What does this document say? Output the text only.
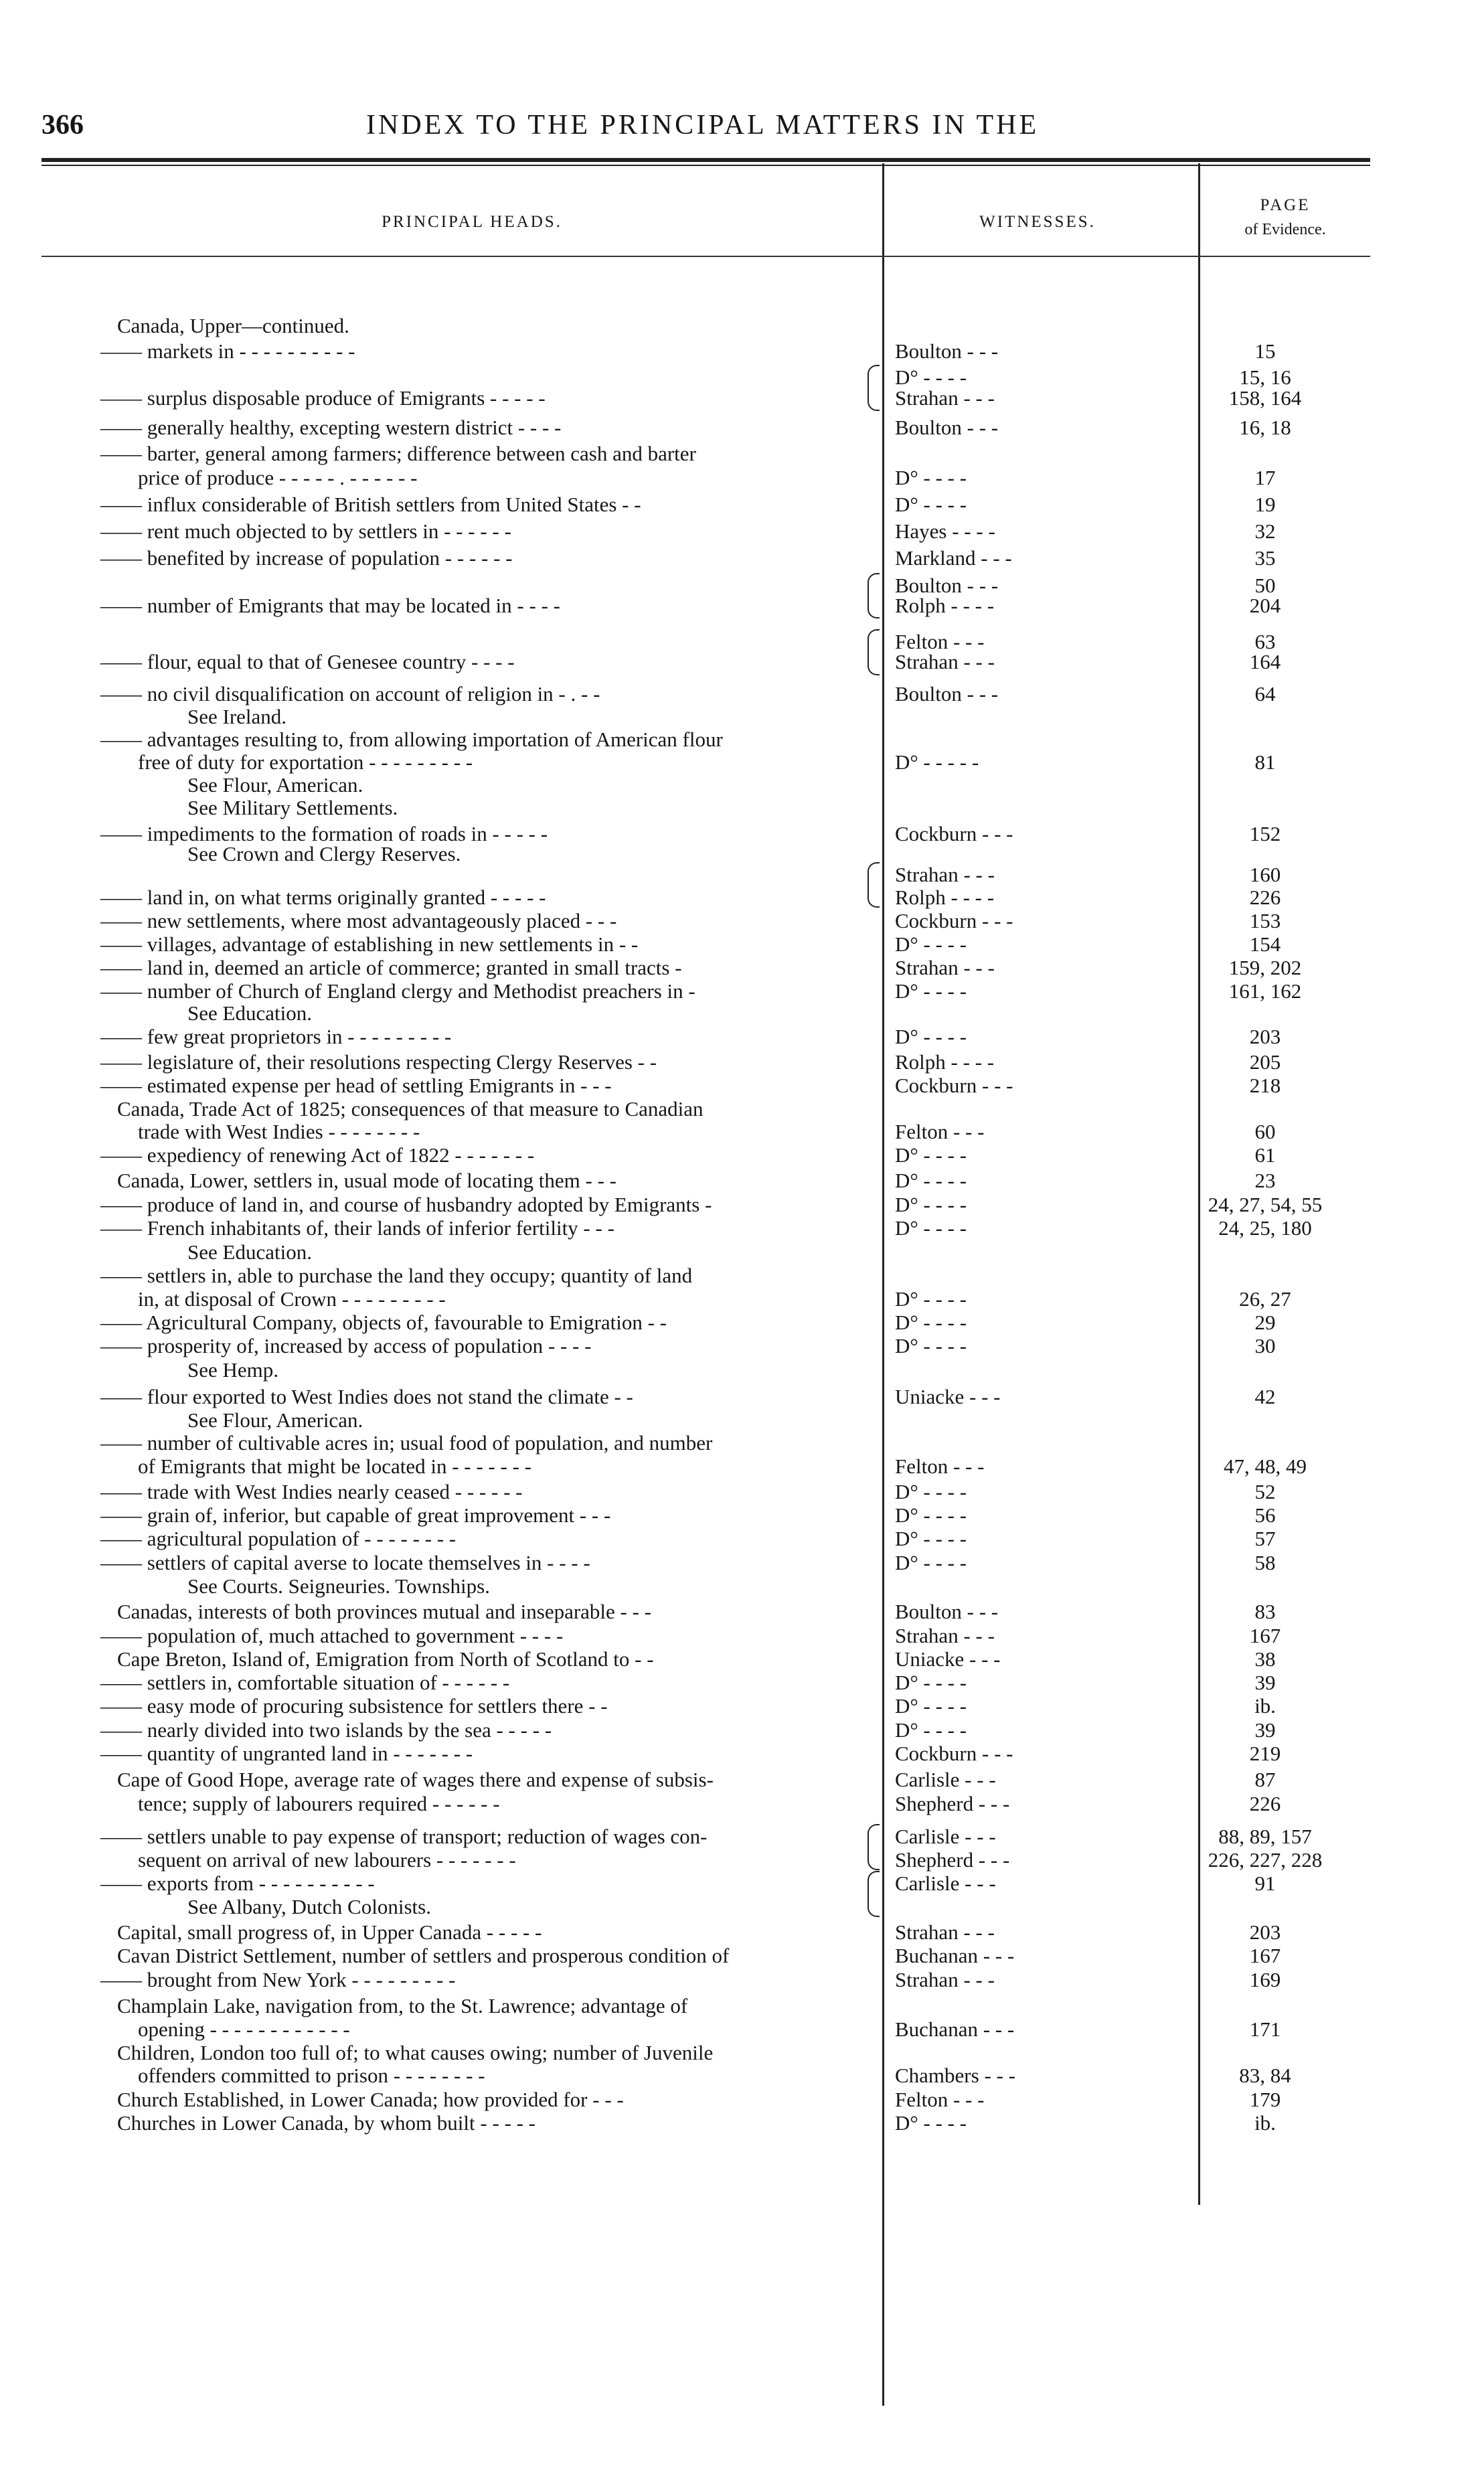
366	INDEX TO THE PRINCIPAL MATTERS IN THE
PRINCIPAL HEADS.	WITNESSES.
PAGE
of Evidence.
Canada, Upper—continued.
—— markets in - - - - - - - - - -	Boulton - - -	15
D° - - - -	15, 16
—— surplus disposable produce of Emigrants - - - - -	Strahan - - -	158, 164
—— generally healthy, excepting western district - - - -	Boulton - - -	16, 18
—— barter, general among farmers; difference between cash and barter
price of produce - - - - - . - - - - - -	D° - - - -	17
—— influx considerable of British settlers from United States - -	D° - - - -	19
—— rent much objected to by settlers in - - - - - -	Hayes - - - -	32
—— benefited by increase of population - - - - - -	Markland - - -	35
Boulton - - -	50
—— number of Emigrants that may be located in - - - -	Rolph - - - -	204
Felton - - -	63
—— flour, equal to that of Genesee country - - - -	Strahan - - -	164
—— no civil disqualification on account of religion in - . - -	Boulton - - -	64
See Ireland.
—— advantages resulting to, from allowing importation of American flour
free of duty for exportation - - - - - - - - -	D° - - - - -	81
See Flour, American.
See Military Settlements.
—— impediments to the formation of roads in - - - - -	Cockburn - - -	152
See Crown and Clergy Reserves.
Strahan - - -	160
—— land in, on what terms originally granted - - - - -	Rolph - - - -	226
—— new settlements, where most advantageously placed - - -	Cockburn - - -	153
—— villages, advantage of establishing in new settlements in - -	D° - - - -	154
—— land in, deemed an article of commerce; granted in small tracts -	Strahan - - -	159, 202
—— number of Church of England clergy and Methodist preachers in -	D° - - - -	161, 162
See Education.
—— few great proprietors in - - - - - - - - -	D° - - - -	203
—— legislature of, their resolutions respecting Clergy Reserves - -	Rolph - - - -	205
—— estimated expense per head of settling Emigrants in - - -	Cockburn - - -	218
Canada, Trade Act of 1825; consequences of that measure to Canadian
trade with West Indies - - - - - - - -	Felton - - -	60
—— expediency of renewing Act of 1822 - - - - - - -	D° - - - -	61
Canada, Lower, settlers in, usual mode of locating them - - -	D° - - - -	23
—— produce of land in, and course of husbandry adopted by Emigrants -	D° - - - -	24, 27, 54, 55
—— French inhabitants of, their lands of inferior fertility - - -	D° - - - -	24, 25, 180
See Education.
—— settlers in, able to purchase the land they occupy; quantity of land
in, at disposal of Crown - - - - - - - - -	D° - - - -	26, 27
—— Agricultural Company, objects of, favourable to Emigration - -	D° - - - -	29
—— prosperity of, increased by access of population - - - -	D° - - - -	30
See Hemp.
—— flour exported to West Indies does not stand the climate - -	Uniacke - - -	42
See Flour, American.
—— number of cultivable acres in; usual food of population, and number
of Emigrants that might be located in - - - - - - -	Felton - - -	47, 48, 49
—— trade with West Indies nearly ceased - - - - - -	D° - - - -	52
—— grain of, inferior, but capable of great improvement - - -	D° - - - -	56
—— agricultural population of - - - - - - - -	D° - - - -	57
—— settlers of capital averse to locate themselves in - - - -	D° - - - -	58
See Courts. Seigneuries. Townships.
Canadas, interests of both provinces mutual and inseparable - - -	Boulton - - -	83
—— population of, much attached to government - - - -	Strahan - - -	167
Cape Breton, Island of, Emigration from North of Scotland to - -	Uniacke - - -	38
—— settlers in, comfortable situation of - - - - - -	D° - - - -	39
—— easy mode of procuring subsistence for settlers there - -	D° - - - -	ib.
—— nearly divided into two islands by the sea - - - - -	D° - - - -	39
—— quantity of ungranted land in - - - - - - -	Cockburn - - -	219
Cape of Good Hope, average rate of wages there and expense of subsis-	Carlisle - - -	87
tence; supply of labourers required - - - - - -	Shepherd - - -	226
—— settlers unable to pay expense of transport; reduction of wages con-	Carlisle - - -	88, 89, 157
sequent on arrival of new labourers - - - - - - -	Shepherd - - -	226, 227, 228
—— exports from - - - - - - - - - -	Carlisle - - -	91
See Albany, Dutch Colonists.
Capital, small progress of, in Upper Canada - - - - -	Strahan - - -	203
Cavan District Settlement, number of settlers and prosperous condition of	Buchanan - - -	167
—— brought from New York - - - - - - - - -	Strahan - - -	169
Champlain Lake, navigation from, to the St. Lawrence; advantage of
opening - - - - - - - - - - - -	Buchanan - - -	171
Children, London too full of; to what causes owing; number of Juvenile
offenders committed to prison - - - - - - - -	Chambers - - -	83, 84
Church Established, in Lower Canada; how provided for - - -	Felton - - -	179
Churches in Lower Canada, by whom built - - - - -	D° - - - -	ib.
